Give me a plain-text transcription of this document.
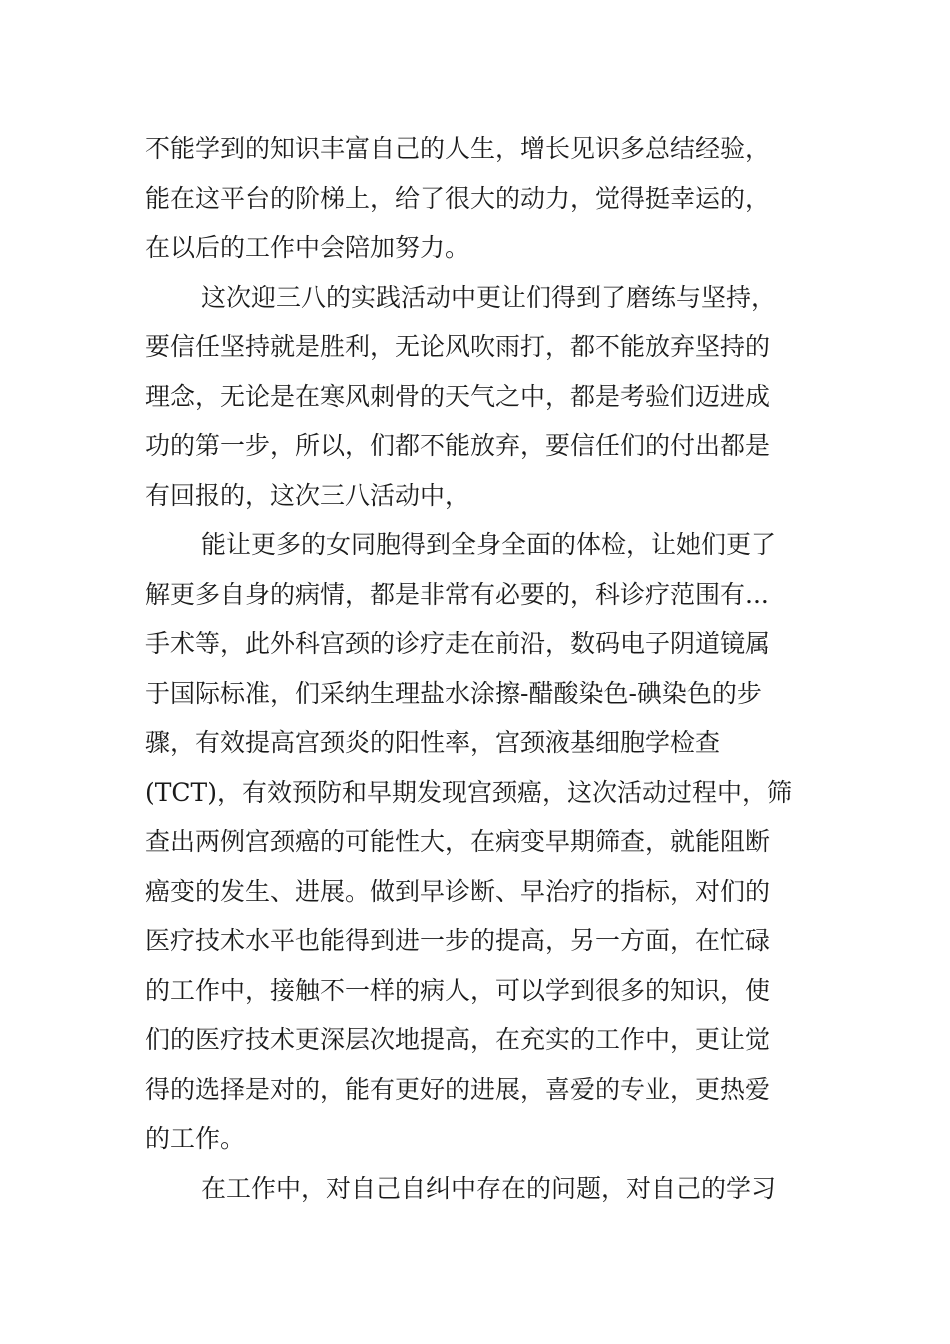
不能学到的知识丰富自己的人生，增长见识多总结经验，
能在这平台的阶梯上，给了很大的动力，觉得挺幸运的，
在以后的工作中会陪加努力。
这次迎三八的实践活动中更让们得到了磨练与坚持，
要信任坚持就是胜利，无论风吹雨打，都不能放弃坚持的
理念，无论是在寒风刺骨的天气之中，都是考验们迈进成
功的第一步，所以，们都不能放弃，要信任们的付出都是
有回报的，这次三八活动中，
能让更多的女同胞得到全身全面的体检，让她们更了
解更多自身的病情，都是非常有必要的，科诊疗范围有...
手术等，此外科宫颈的诊疗走在前沿，数码电子阴道镜属
于国际标准，们采纳生理盐水涂擦-醋酸染色-碘染色的步
骤，有效提高宫颈炎的阳性率，宫颈液基细胞学检查
(TCT)，有效预防和早期发现宫颈癌，这次活动过程中，筛
查出两例宫颈癌的可能性大，在病变早期筛查，就能阻断
癌变的发生、进展。做到早诊断、早治疗的指标，对们的
医疗技术水平也能得到进一步的提高，另一方面，在忙碌
的工作中，接触不一样的病人，可以学到很多的知识，使
们的医疗技术更深层次地提高，在充实的工作中，更让觉
得的选择是对的，能有更好的进展，喜爱的专业，更热爱
的工作。
在工作中，对自己自纠中存在的问题，对自己的学习
